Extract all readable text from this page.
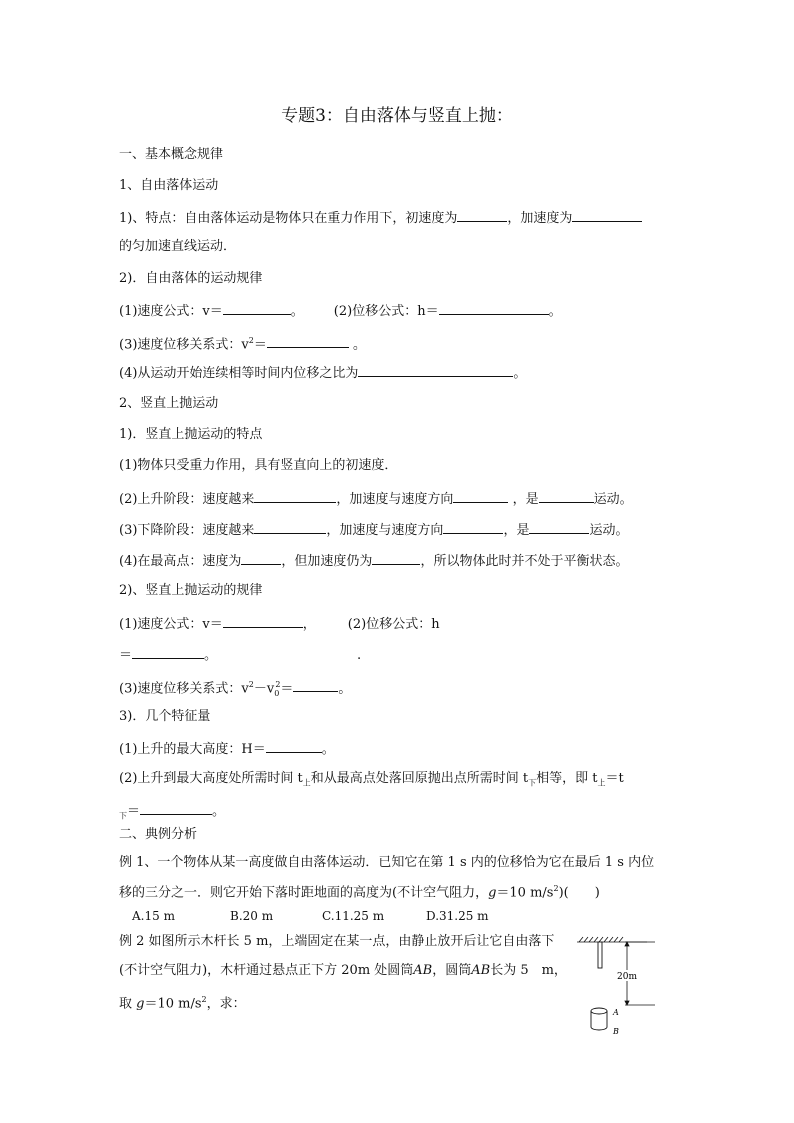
专题3：自由落体与竖直上抛：
一、基本概念规律
1、自由落体运动
1)、特点：自由落体运动是物体只在重力作用下，初速度为	，加速度为
的匀加速直线运动．
2)．自由落体的运动规律
(1)速度公式：v＝	。 (2)位移公式：h＝	。
(3)速度位移关系式：$v^2=$	。
(4)从运动开始连续相等时间内位移之比为	。
2、竖直上抛运动
1)．竖直上抛运动的特点
(1)物体只受重力作用，具有竖直向上的初速度．
(2)上升阶段：速度越来	，加速度与速度方向	，是	运动。
(3)下降阶段：速度越来	，加速度与速度方向	，是	运动。
(4)在最高点：速度为	，但加速度仍为	，所以物体此时并不处于平衡状态。
2)、竖直上抛运动的规律
(1)速度公式：v＝	， (2)位移公式：h
＝	。	.
(3)速度位移关系式：$v^2-v_0^2=$	。
3)．几个特征量
(1)上升的最大高度：H＝	。
(2)上升到最大高度处所需时间 $t_上$和从最高点处落回原抛出点所需时间 $t_下$相等，即 $t_上=t$
$_下$＝	。
二、典例分析
例 1、一个物体从某一高度做自由落体运动．已知它在第 1 s 内的位移恰为它在最后 1 s 内位
移的三分之一．则它开始下落时距地面的高度为(不计空气阻力，g＝10 $m/s^2$)(　　)
A.15 m	B.20 m	C.11.25 m	D.31.25 m
例 2 如图所示木杆长 5 m，上端固定在某一点，由静止放开后让它自由落下
(不计空气阻力)，木杆通过悬点正下方 20m 处圆筒AB，圆筒AB长为 5　m，
取 g＝10 $m/s^2$，求：
20m
A
B
